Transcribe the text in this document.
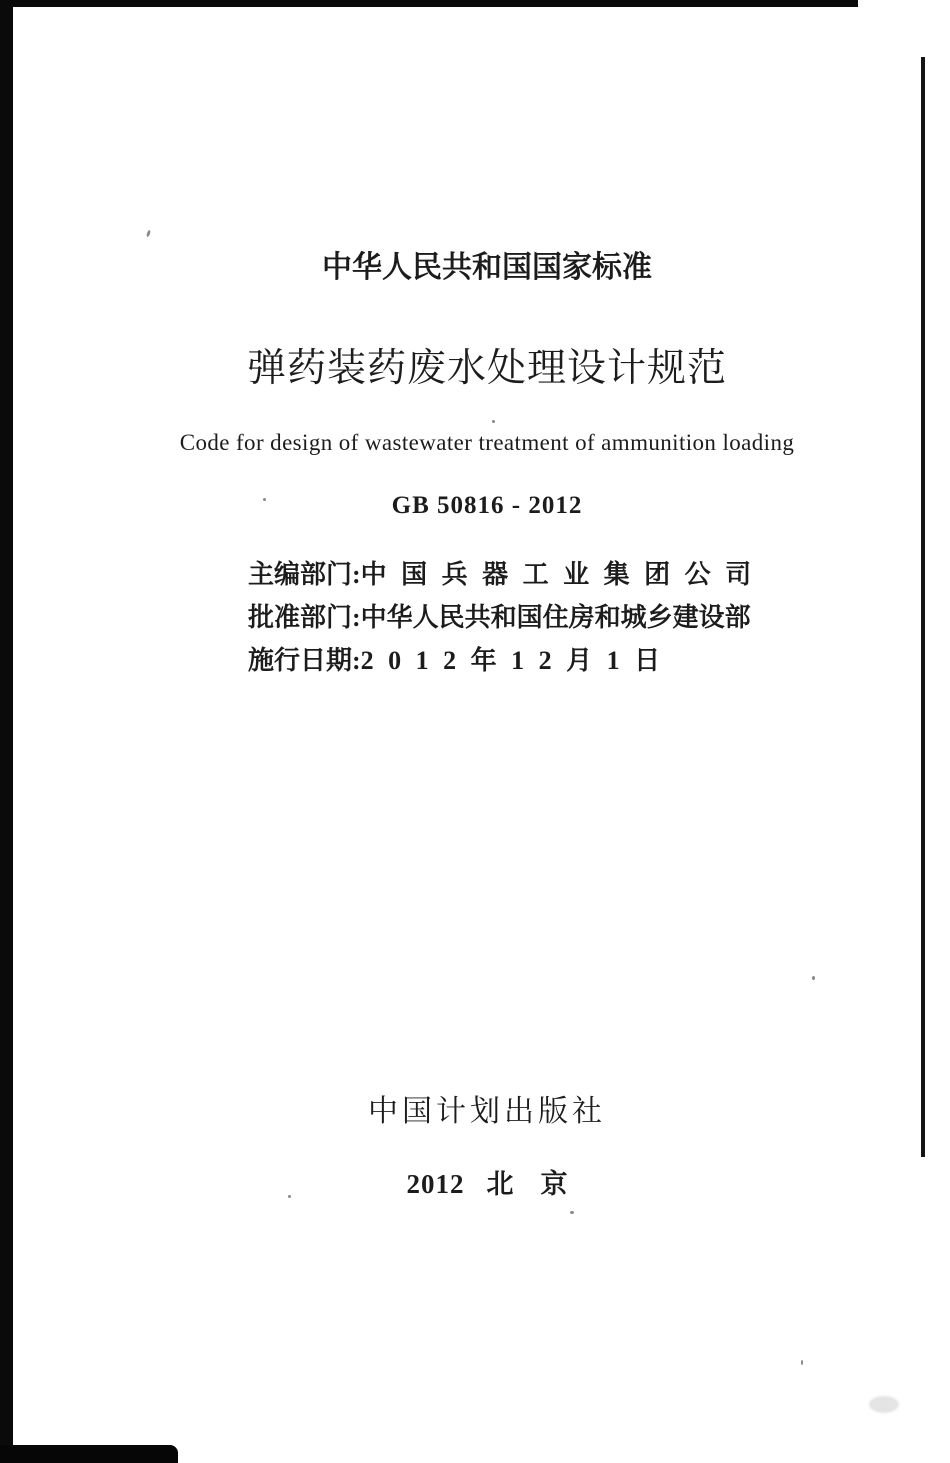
中华人民共和国国家标准
弹药装药废水处理设计规范
Code for design of wastewater treatment of ammunition loading
GB 50816 - 2012
主编部门:中 国 兵 器 工 业 集 团 公 司
批准部门:中华人民共和国住房和城乡建设部
施行日期:2 0 1 2 年 1 2 月 1 日
中国计划出版社
2012 北 京
